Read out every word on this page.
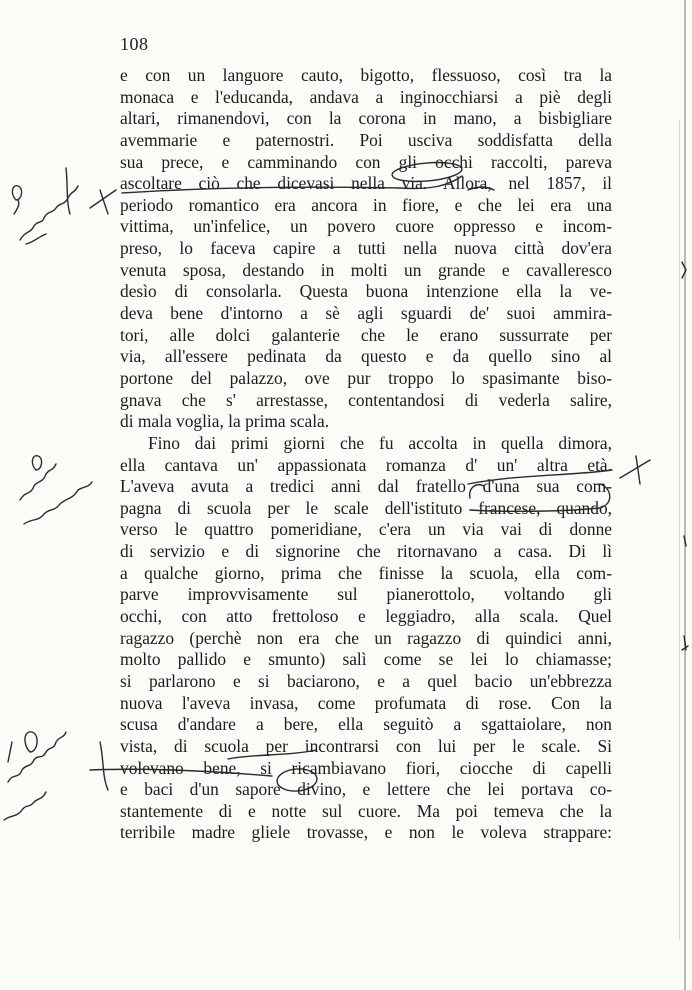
108
e con un languore cauto, bigotto, flessuoso, così tra la
monaca e l'educanda, andava a inginocchiarsi a piè degli
altari, rimanendovi, con la corona in mano, a bisbigliare
avemmarie e paternostri. Poi usciva soddisfatta della
sua prece, e camminando con gli occhi raccolti, pareva
ascoltare ciò che dicevasi nella via. Allora, nel 1857, il
periodo romantico era ancora in fiore, e che lei era una
vittima, un'infelice, un povero cuore oppresso e incom-
preso, lo faceva capire a tutti nella nuova città dov'era
venuta sposa, destando in molti un grande e cavalleresco
desìo di consolarla. Questa buona intenzione ella la ve-
deva bene d'intorno a sè agli sguardi de' suoi ammira-
tori, alle dolci galanterie che le erano sussurrate per
via, all'essere pedinata da questo e da quello sino al
portone del palazzo, ove pur troppo lo spasimante biso-
gnava che s' arrestasse, contentandosi di vederla salire,
di mala voglia, la prima scala.
Fino dai primi giorni che fu accolta in quella dimora,
ella cantava un' appassionata romanza d' un' altra età.
L'aveva avuta a tredici anni dal fratello d'una sua com-
pagna di scuola per le scale dell'istituto francese, quando,
verso le quattro pomeridiane, c'era un via vai di donne
di servizio e di signorine che ritornavano a casa. Di lì
a qualche giorno, prima che finisse la scuola, ella com-
parve improvvisamente sul pianerottolo, voltando gli
occhi, con atto frettoloso e leggiadro, alla scala. Quel
ragazzo (perchè non era che un ragazzo di quindici anni,
molto pallido e smunto) salì come se lei lo chiamasse;
si parlarono e si baciarono, e a quel bacio un'ebbrezza
nuova l'aveva invasa, come profumata di rose. Con la
scusa d'andare a bere, ella seguitò a sgattaiolare, non
vista, di scuola per incontrarsi con lui per le scale. Si
volevano bene, si ricambiavano fiori, ciocche di capelli
e baci d'un sapore divino, e lettere che lei portava co-
stantemente di e notte sul cuore. Ma poi temeva che la
terribile madre gliele trovasse, e non le voleva strappare:
